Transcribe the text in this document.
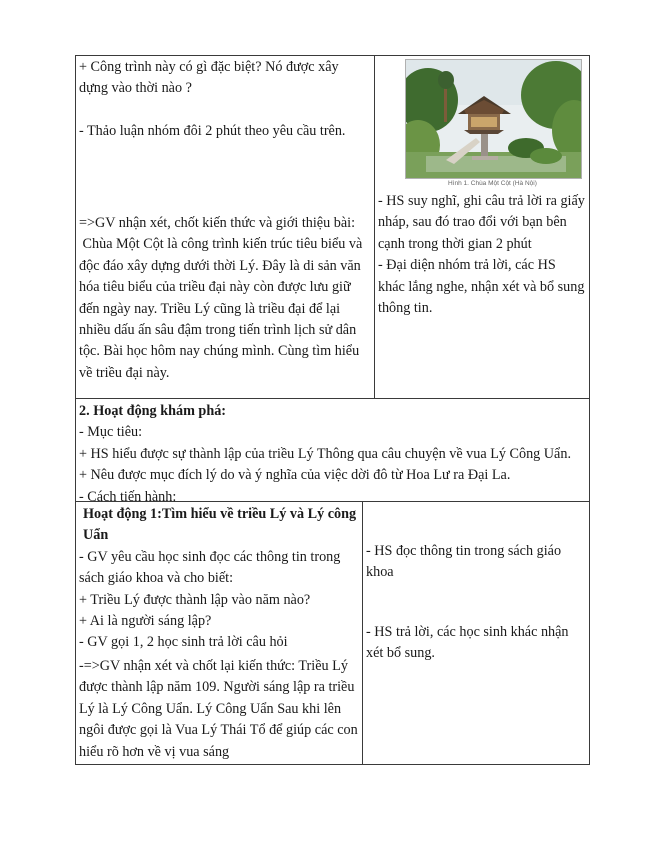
+ Công trình này có gì đặc biệt? Nó được xây dựng vào thời nào ?

- Thảo luận nhóm đôi 2 phút theo yêu cầu trên.

=>GV nhận xét, chốt kiến thức và giới thiệu bài:

Chùa Một Cột là công trình kiến trúc tiêu biểu và độc đáo xây dựng dưới thời Lý. Đây là di sản văn hóa tiêu biểu của triều đại này còn được lưu giữ đến ngày nay. Triều Lý cũng là triều đại để lại nhiều dấu ấn sâu đậm trong tiến trình lịch sử dân tộc. Bài học hôm nay chúng mình. Cùng tìm hiểu về triều đại này.

Hình 1. Chùa Một Cột (Hà Nội)

- HS suy nghĩ, ghi câu trả lời ra giấy nháp, sau đó trao đổi với bạn bên cạnh trong thời gian 2 phút

- Đại diện nhóm trả lời, các HS khác lắng nghe, nhận xét và bổ sung thông tin.

2. Hoạt động khám phá:

- Mục tiêu:

+ HS hiểu được sự thành lập của triều Lý Thông qua câu chuyện về vua Lý Công Uẩn.

+ Nêu được mục đích lý do và ý nghĩa của việc dời đô từ Hoa Lư ra Đại La.

- Cách tiến hành:

Hoạt động 1:Tìm hiểu về triều Lý và Lý công Uẩn

- GV yêu cầu học sinh đọc các thông tin trong sách giáo khoa và cho biết:

+ Triều Lý được thành lập vào năm nào?

+ Ai là người sáng lập?

- GV gọi 1, 2 học sinh trả lời câu hỏi

-=>GV nhận xét và chốt lại kiến thức: Triều Lý được thành lập năm 109. Người sáng lập ra triều Lý là Lý Công Uẩn. Lý Công Uẩn Sau khi lên ngôi được gọi là Vua Lý Thái Tổ để giúp các con hiểu rõ hơn về vị vua sáng

- HS đọc thông tin trong sách giáo khoa

- HS trả lời, các học sinh khác nhận xét bổ sung.
